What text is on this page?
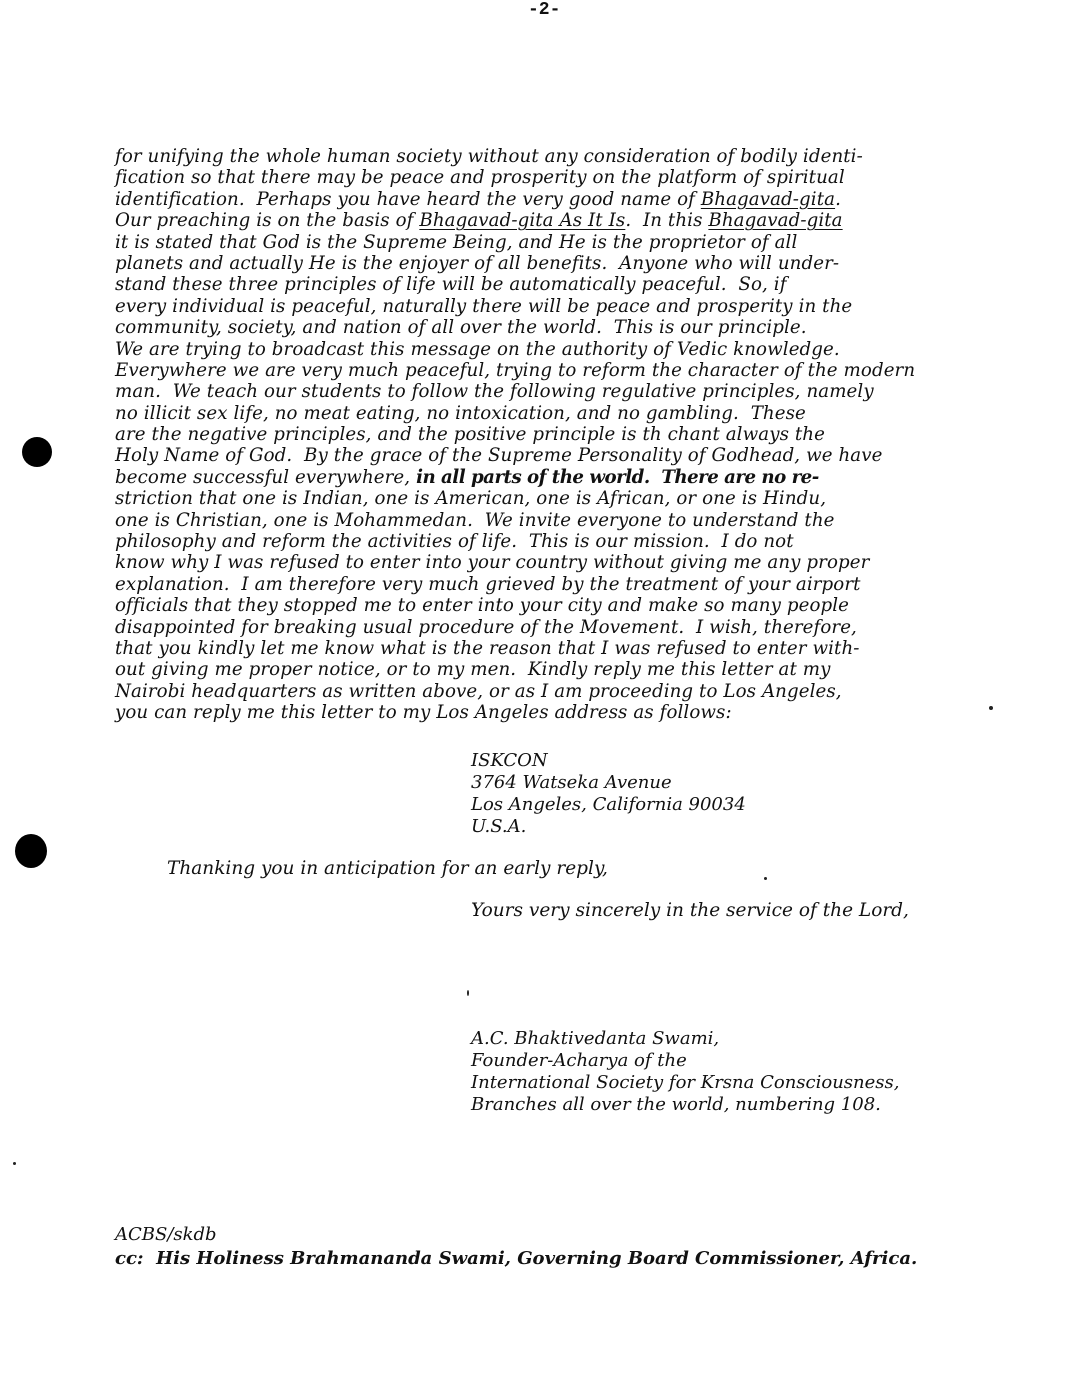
-2-
for unifying the whole human society without any consideration of bodily identi-
fication so that there may be peace and prosperity on the platform of spiritual
identification.  Perhaps you have heard the very good name of Bhagavad-gita.
Our preaching is on the basis of Bhagavad-gita As It Is.  In this Bhagavad-gita
it is stated that God is the Supreme Being, and He is the proprietor of all
planets and actually He is the enjoyer of all benefits.  Anyone who will under-
stand these three principles of life will be automatically peaceful.  So, if
every individual is peaceful, naturally there will be peace and prosperity in the
community, society, and nation of all over the world.  This is our principle.
We are trying to broadcast this message on the authority of Vedic knowledge.
Everywhere we are very much peaceful, trying to reform the character of the modern
man.  We teach our students to follow the following regulative principles, namely
no illicit sex life, no meat eating, no intoxication, and no gambling.  These
are the negative principles, and the positive principle is th chant always the
Holy Name of God.  By the grace of the Supreme Personality of Godhead, we have
become successful everywhere, in all parts of the world.  There are no re-
striction that one is Indian, one is American, one is African, or one is Hindu,
one is Christian, one is Mohammedan.  We invite everyone to understand the
philosophy and reform the activities of life.  This is our mission.  I do not
know why I was refused to enter into your country without giving me any proper
explanation.  I am therefore very much grieved by the treatment of your airport
officials that they stopped me to enter into your city and make so many people
disappointed for breaking usual procedure of the Movement.  I wish, therefore,
that you kindly let me know what is the reason that I was refused to enter with-
out giving me proper notice, or to my men.  Kindly reply me this letter at my
Nairobi headquarters as written above, or as I am proceeding to Los Angeles,
you can reply me this letter to my Los Angeles address as follows:
ISKCON
3764 Watseka Avenue
Los Angeles, California 90034
U.S.A.
Thanking you in anticipation for an early reply,
Yours very sincerely in the service of the Lord,
A.C. Bhaktivedanta Swami,
Founder-Acharya of the
International Society for Krsna Consciousness,
Branches all over the world, numbering 108.
ACBS/skdb
cc:  His Holiness Brahmananda Swami, Governing Board Commissioner, Africa.
